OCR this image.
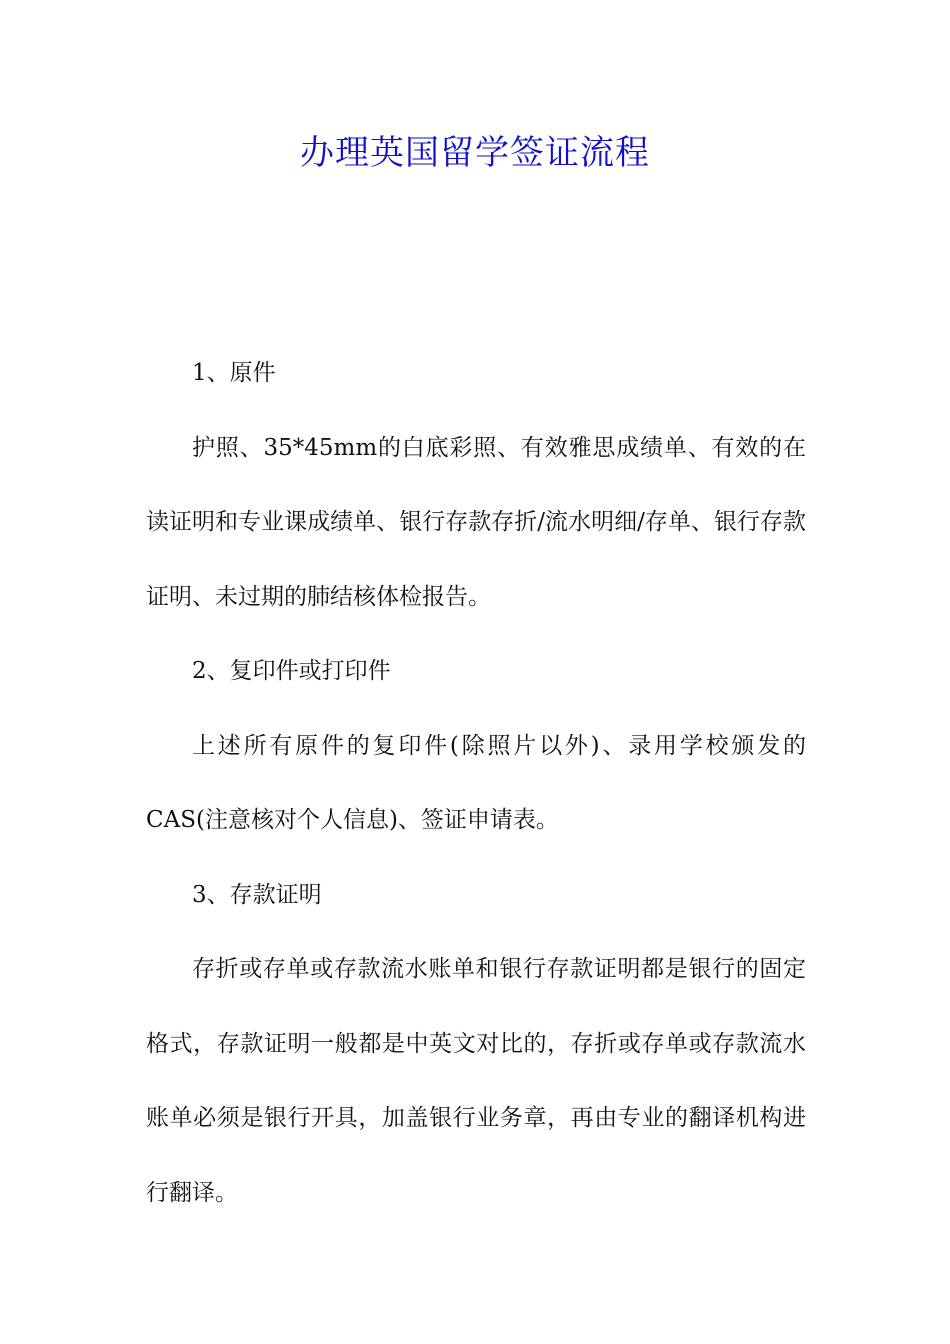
办理英国留学签证流程

1、原件

护照、35*45mm的白底彩照、有效雅思成绩单、有效的在读证明和专业课成绩单、银行存款存折/流水明细/存单、银行存款证明、未过期的肺结核体检报告。

2、复印件或打印件

上述所有原件的复印件(除照片以外)、录用学校颁发的CAS(注意核对个人信息)、签证申请表。

3、存款证明

存折或存单或存款流水账单和银行存款证明都是银行的固定格式，存款证明一般都是中英文对比的，存折或存单或存款流水账单必须是银行开具，加盖银行业务章，再由专业的翻译机构进行翻译。
